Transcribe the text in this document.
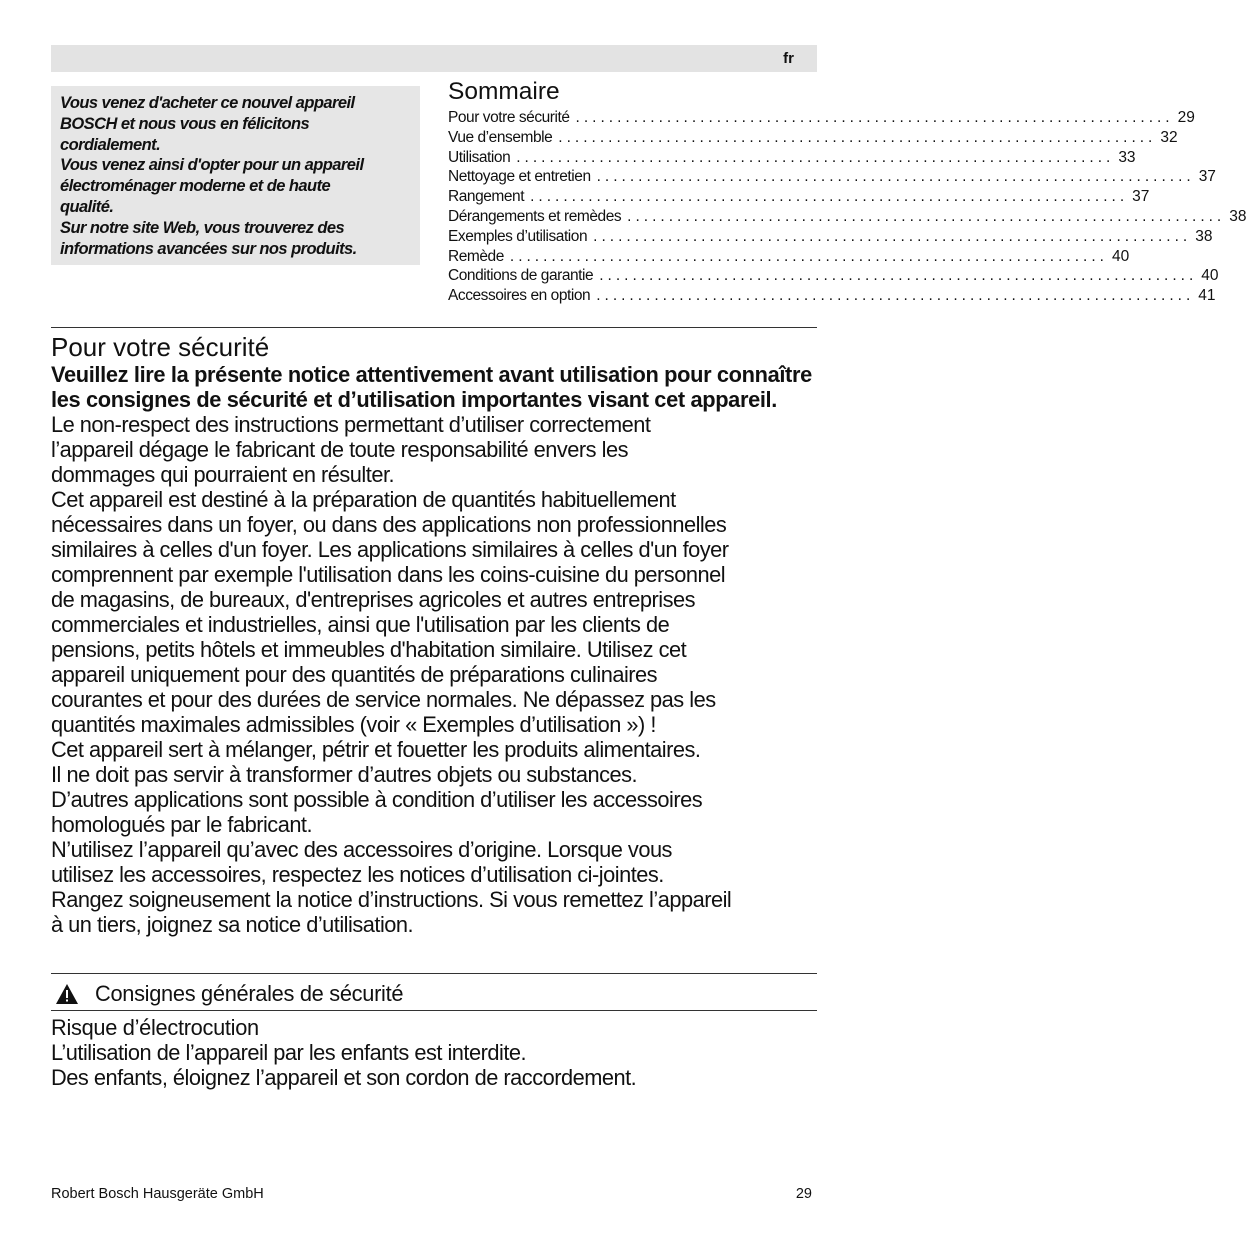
fr
Vous venez d'acheter ce nouvel appareil
BOSCH et nous vous en félicitons
cordialement.
Vous venez ainsi d'opter pour un appareil
électroménager moderne et de haute
qualité.
Sur notre site Web, vous trouverez des
informations avancées sur nos produits.
Sommaire
Pour votre sécurité ........................................................................ 29
Vue d’ensemble ........................................................................ 32
Utilisation ........................................................................ 33
Nettoyage et entretien ........................................................................ 37
Rangement ........................................................................ 37
Dérangements et remèdes ........................................................................ 38
Exemples d’utilisation ........................................................................ 38
Remède ........................................................................ 40
Conditions de garantie ........................................................................ 40
Accessoires en option ........................................................................ 41
Pour votre sécurité
Veuillez lire la présente notice attentivement avant utilisation pour connaître les consignes de sécurité et d’utilisation importantes visant cet appareil.
Le non-respect des instructions permettant d’utiliser correctement
l’appareil dégage le fabricant de toute responsabilité envers les
dommages qui pourraient en résulter.
Cet appareil est destiné à la préparation de quantités habituellement
nécessaires dans un foyer, ou dans des applications non professionnelles
similaires à celles d'un foyer. Les applications similaires à celles d'un foyer
comprennent par exemple l'utilisation dans les coins-cuisine du personnel
de magasins, de bureaux, d'entreprises agricoles et autres entreprises
commerciales et industrielles, ainsi que l'utilisation par les clients de
pensions, petits hôtels et immeubles d'habitation similaire. Utilisez cet
appareil uniquement pour des quantités de préparations culinaires
courantes et pour des durées de service normales. Ne dépassez pas les
quantités maximales admissibles (voir « Exemples d’utilisation ») !
Cet appareil sert à mélanger, pétrir et fouetter les produits alimentaires.
Il ne doit pas servir à transformer d’autres objets ou substances.
D’autres applications sont possible à condition d’utiliser les accessoires
homologués par le fabricant.
N’utilisez l’appareil qu’avec des accessoires d’origine. Lorsque vous
utilisez les accessoires, respectez les notices d’utilisation ci-jointes.
Rangez soigneusement la notice d’instructions. Si vous remettez l’appareil
à un tiers, joignez sa notice d’utilisation.
Consignes générales de sécurité
Risque d’électrocution
L’utilisation de l’appareil par les enfants est interdite.
Des enfants, éloignez l’appareil et son cordon de raccordement.
Robert Bosch Hausgeräte GmbH	29
